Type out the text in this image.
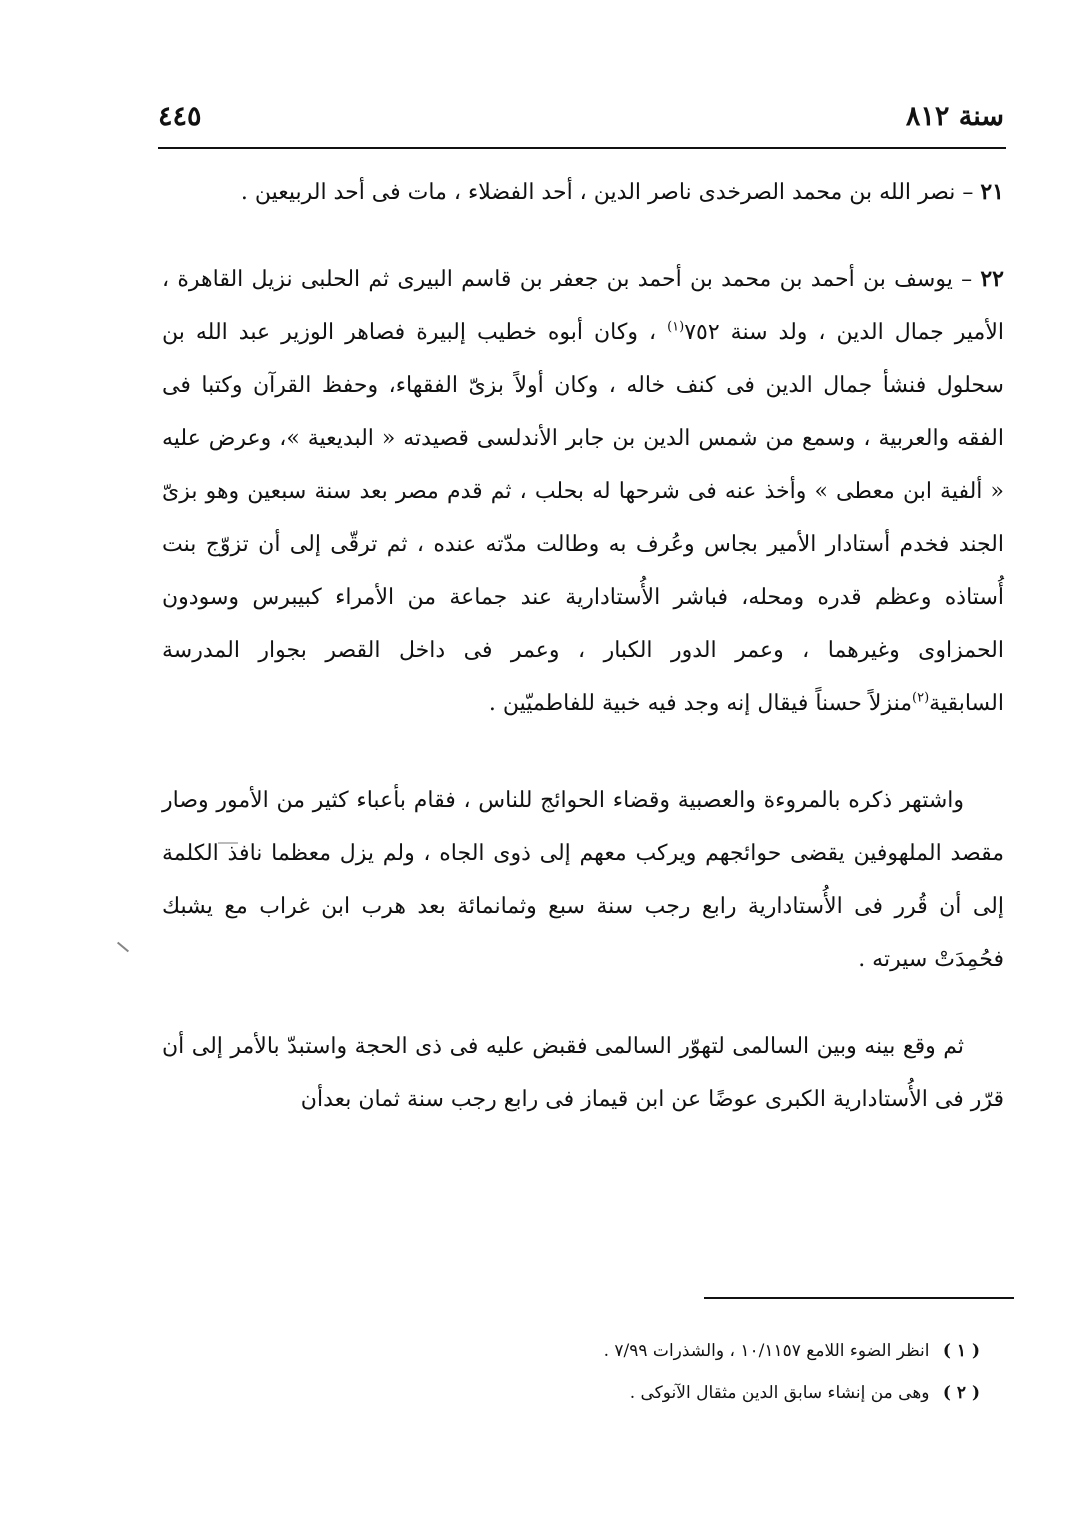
سنة ٨١٢
٤٤٥

٢١ – نصر الله بن محمد الصرخدى ناصر الدين ، أحد الفضلاء ، مات فى أحد الربيعين .

٢٢ – يوسف بن أحمد بن محمد بن أحمد بن جعفر بن قاسم البيرى ثم الحلبى نزيل القاهرة ، الأمير جمال الدين ، ولد سنة ٧٥٢$^{(١)}$ ، وكان أبوه خطيب إلبيرة فصاهر الوزير عبد الله بن سحلول فنشأ جمال الدين فى كنف خاله ، وكان أولاً بزىّ الفقهاء، وحفظ القرآن وكتبا فى الفقه والعربية ، وسمع من شمس الدين بن جابر الأندلسى قصيدته « البديعية »، وعرض عليه « ألفية ابن معطى » وأخذ عنه فى شرحها له بحلب ، ثم قدم مصر بعد سنة سبعين وهو بزىّ الجند فخدم أستادار الأمير بجاس وعُرف به وطالت مدّته عنده ، ثم ترقّى إلى أن تزوّج بنت أُستاذه وعظم قدره ومحله، فباشر الأُستادارية عند جماعة من الأمراء كبيبرس وسودون الحمزاوى وغيرهما ، وعمر الدور الكبار ، وعمر فى داخل القصر بجوار المدرسة السابقية$^{(٢)}$منزلاً حسناً فيقال إنه وجد فيه خبية للفاطميّين .

واشتهر ذكره بالمروءة والعصبية وقضاء الحوائج للناس ، فقام بأعباء كثير من الأمور وصار مقصد الملهوفين يقضى حوائجهم ويركب معهم إلى ذوى الجاه ، ولم يزل معظما نافذ الكلمة إلى أن قُرر فى الأُستادارية رابع رجب سنة سبع وثمانمائة بعد هرب ابن غراب مع يشبك فحُمِدَتْ سيرته .

ثم وقع بينه وبين السالمى لتهوّر السالمى فقبض عليه فى ذى الحجة واستبدّ بالأمر إلى أن قرّر فى الأُستادارية الكبرى عوضًا عن ابن قيماز فى رابع رجب سنة ثمان بعدأن

( ١ ) انظر الضوء اللامع ١٠/١١٥٧ ، والشذرات ٧/٩٩ .
( ٢ ) وهى من إنشاء سابق الدين مثقال الآنوكى .
